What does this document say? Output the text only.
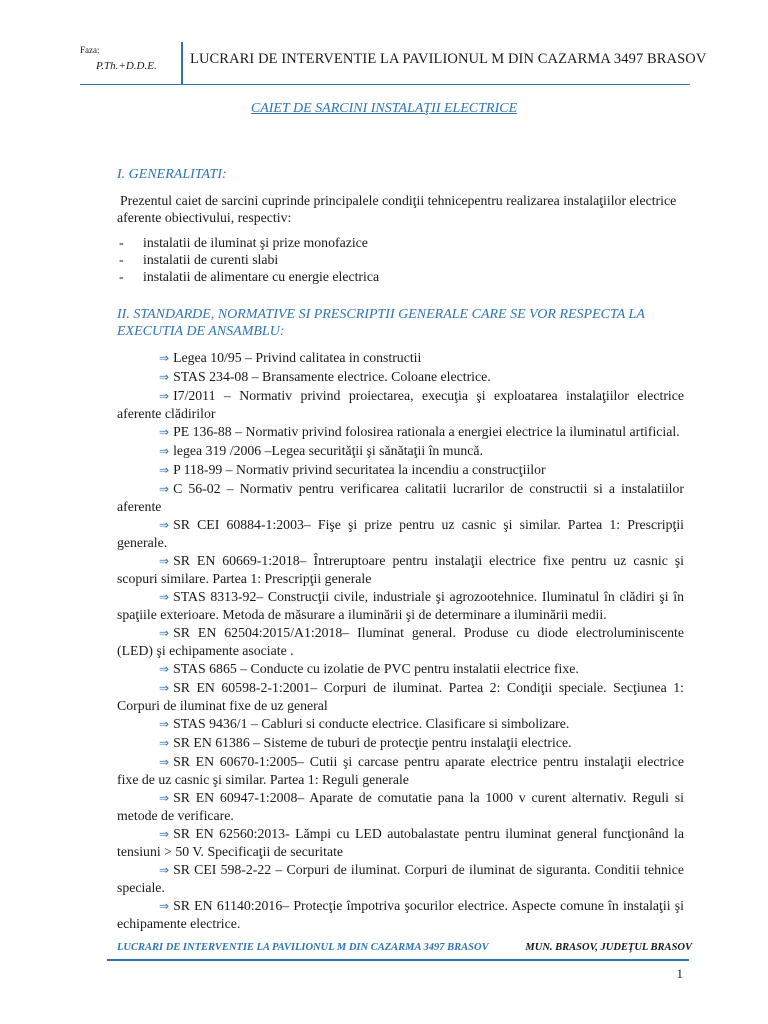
Faza:
P.Th.+D.D.E.	LUCRARI DE INTERVENTIE LA PAVILIONUL M DIN CAZARMA 3497 BRASOV
CAIET DE SARCINI INSTALAŢII ELECTRICE
I. GENERALITATI:
Prezentul caiet de sarcini cuprinde principalele condiţii tehnicepentru realizarea instalaţiilor electrice aferente obiectivului, respectiv:
- instalatii de iluminat şi prize monofazice
- instalatii de curenti slabi
- instalatii de alimentare cu energie electrica
II. STANDARDE, NORMATIVE SI PRESCRIPTII GENERALE CARE SE VOR RESPECTA LA EXECUTIA DE ANSAMBLU:
⇒ Legea 10/95 – Privind calitatea in constructii
⇒ STAS 234-08 – Bransamente electrice. Coloane electrice.
⇒ I7/2011 – Normativ privind proiectarea, execuţia şi exploatarea instalaţiilor electrice aferente clădirilor
⇒ PE 136-88 – Normativ privind folosirea rationala a energiei electrice la iluminatul artificial.
⇒ legea 319 /2006 –Legea securităţii şi sănătaţii în muncă.
⇒ P 118-99 – Normativ privind securitatea la incendiu a construcţiilor
⇒ C 56-02 – Normativ pentru verificarea calitatii lucrarilor de constructii si a instalatiilor aferente
⇒ SR CEI 60884-1:2003– Fişe şi prize pentru uz casnic şi similar. Partea 1: Prescripţii generale.
⇒ SR EN 60669-1:2018– Întreruptoare pentru instalaţii electrice fixe pentru uz casnic şi scopuri similare. Partea 1: Prescripţii generale
⇒ STAS 8313-92– Construcţii civile, industriale şi agrozootehnice. Iluminatul în clădiri şi în spaţiile exterioare. Metoda de măsurare a iluminării şi de determinare a iluminării medii.
⇒ SR EN 62504:2015/A1:2018– Iluminat general. Produse cu diode electroluminiscente (LED) şi echipamente asociate .
⇒ STAS 6865 – Conducte cu izolatie de PVC pentru instalatii electrice fixe.
⇒ SR EN 60598-2-1:2001– Corpuri de iluminat. Partea 2: Condiţii speciale. Secţiunea 1: Corpuri de iluminat fixe de uz general
⇒ STAS 9436/1 – Cabluri si conducte electrice. Clasificare si simbolizare.
⇒ SR EN 61386 – Sisteme de tuburi de protecţie pentru instalaţii electrice.
⇒ SR EN 60670-1:2005– Cutii şi carcase pentru aparate electrice pentru instalaţii electrice fixe de uz casnic şi similar. Partea 1: Reguli generale
⇒ SR EN 60947-1:2008– Aparate de comutatie pana la 1000 v curent alternativ. Reguli si metode de verificare.
⇒ SR EN 62560:2013- Lămpi cu LED autobalastate pentru iluminat general funcţionând la tensiuni > 50 V. Specificaţii de securitate
⇒ SR CEI 598-2-22 – Corpuri de iluminat. Corpuri de iluminat de siguranta. Conditii tehnice speciale.
⇒ SR EN 61140:2016– Protecţie împotriva şocurilor electrice. Aspecte comune în instalaţii şi echipamente electrice.
LUCRARI DE INTERVENTIE LA PAVILIONUL M DIN CAZARMA 3497 BRASOV	MUN. BRASOV, JUDEŢUL BRASOV
1
